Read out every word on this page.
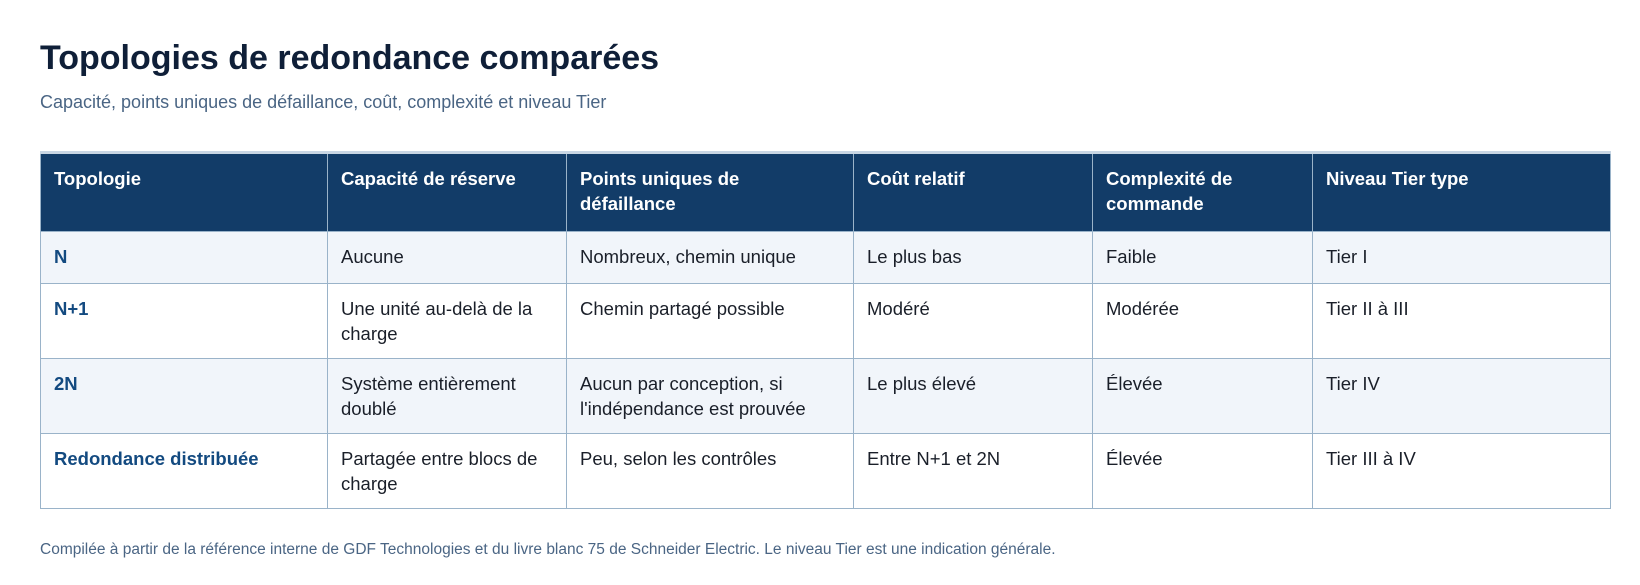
Topologies de redondance comparées

Capacité, points uniques de défaillance, coût, complexité et niveau Tier

Topologie	Capacité de réserve	Points uniques de défaillance	Coût relatif	Complexité de commande	Niveau Tier type
N	Aucune	Nombreux, chemin unique	Le plus bas	Faible	Tier I
N+1	Une unité au-delà de la charge	Chemin partagé possible	Modéré	Modérée	Tier II à III
2N	Système entièrement doublé	Aucun par conception, si l'indépendance est prouvée	Le plus élevé	Élevée	Tier IV
Redondance distribuée	Partagée entre blocs de charge	Peu, selon les contrôles	Entre N+1 et 2N	Élevée	Tier III à IV

Compilée à partir de la référence interne de GDF Technologies et du livre blanc 75 de Schneider Electric. Le niveau Tier est une indication générale.
